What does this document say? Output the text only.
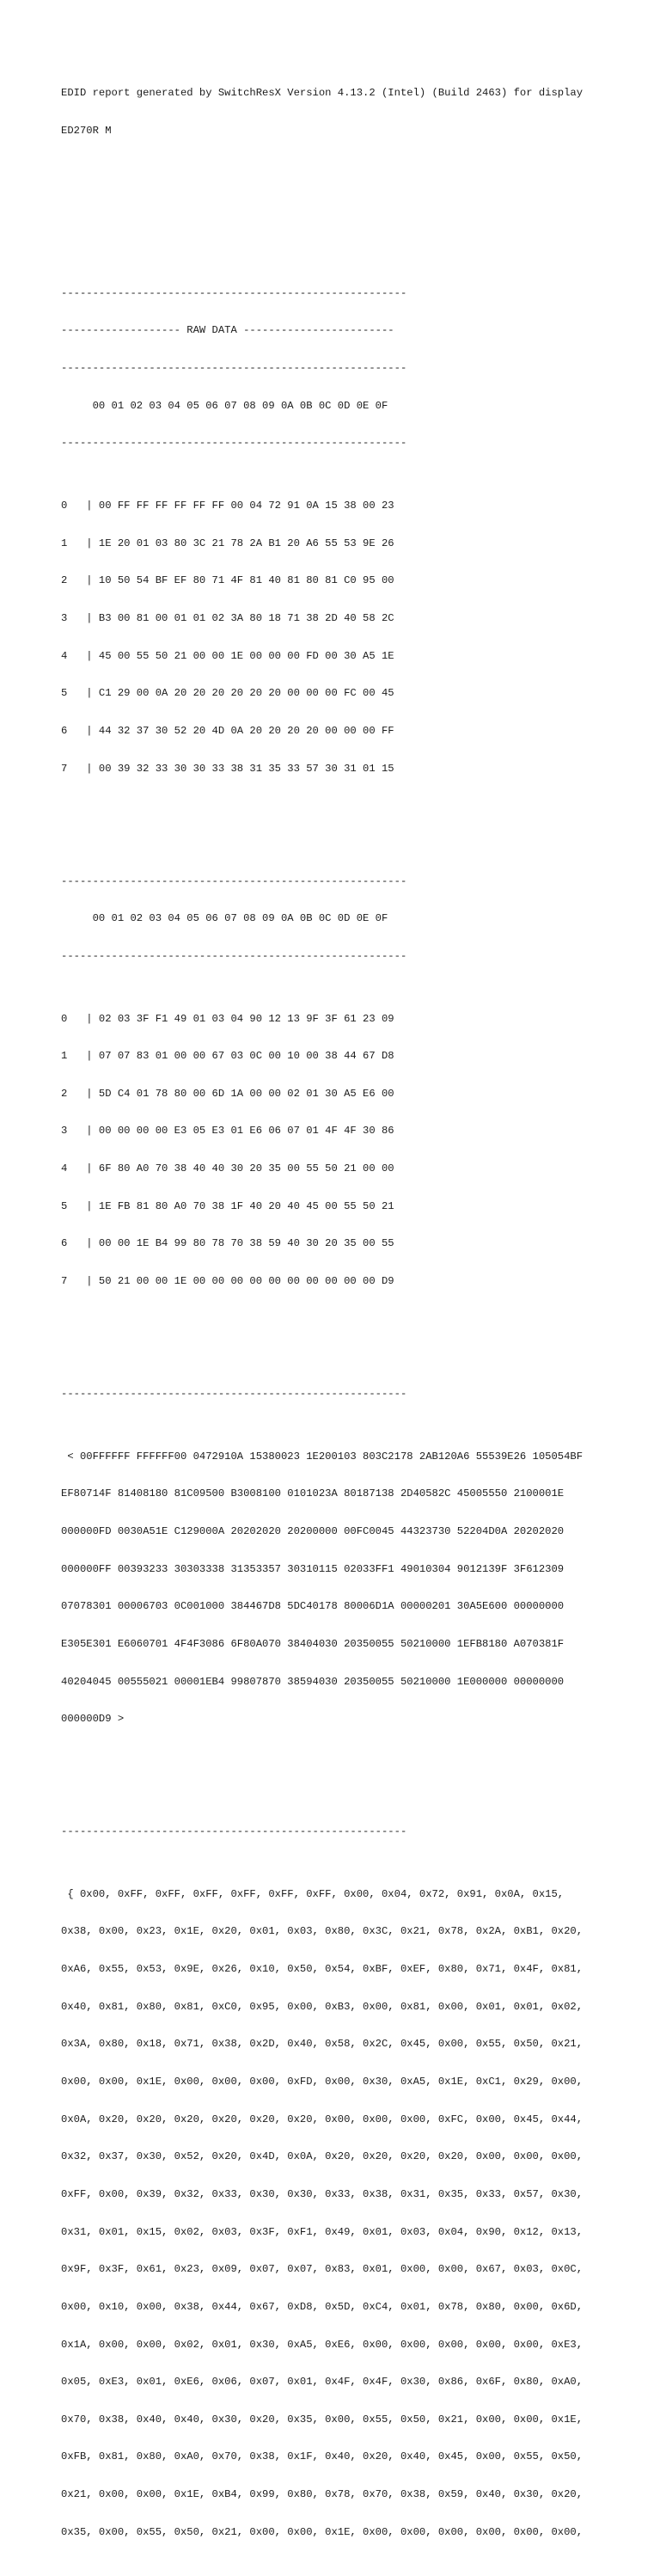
EDID report generated by SwitchResX Version 4.13.2 (Intel) (Build 2463) for display

ED270R M

-------------------------------------------------------

------------------- RAW DATA ------------------------

-------------------------------------------------------

00 01 02 03 04 05 06 07 08 09 0A 0B 0C 0D 0E 0F

-------------------------------------------------------

0   | 00 FF FF FF FF FF FF 00 04 72 91 0A 15 38 00 23

1   | 1E 20 01 03 80 3C 21 78 2A B1 20 A6 55 53 9E 26

2   | 10 50 54 BF EF 80 71 4F 81 40 81 80 81 C0 95 00

3   | B3 00 81 00 01 01 02 3A 80 18 71 38 2D 40 58 2C

4   | 45 00 55 50 21 00 00 1E 00 00 00 FD 00 30 A5 1E

5   | C1 29 00 0A 20 20 20 20 20 20 00 00 00 FC 00 45

6   | 44 32 37 30 52 20 4D 0A 20 20 20 20 00 00 00 FF

7   | 00 39 32 33 30 30 33 38 31 35 33 57 30 31 01 15

-------------------------------------------------------

00 01 02 03 04 05 06 07 08 09 0A 0B 0C 0D 0E 0F

-------------------------------------------------------

0   | 02 03 3F F1 49 01 03 04 90 12 13 9F 3F 61 23 09

1   | 07 07 83 01 00 00 67 03 0C 00 10 00 38 44 67 D8

2   | 5D C4 01 78 80 00 6D 1A 00 00 02 01 30 A5 E6 00

3   | 00 00 00 00 E3 05 E3 01 E6 06 07 01 4F 4F 30 86

4   | 6F 80 A0 70 38 40 40 30 20 35 00 55 50 21 00 00

5   | 1E FB 81 80 A0 70 38 1F 40 20 40 45 00 55 50 21

6   | 00 00 1E B4 99 80 78 70 38 59 40 30 20 35 00 55

7   | 50 21 00 00 1E 00 00 00 00 00 00 00 00 00 00 D9

-------------------------------------------------------

< 00FFFFFF FFFFFF00 0472910A 15380023 1E200103 803C2178 2AB120A6 55539E26 105054BF

EF80714F 81408180 81C09500 B3008100 0101023A 80187138 2D40582C 45005550 2100001E

000000FD 0030A51E C129000A 20202020 20200000 00FC0045 44323730 52204D0A 20202020

000000FF 00393233 30303338 31353357 30310115 02033FF1 49010304 9012139F 3F612309

07078301 00006703 0C001000 384467D8 5DC40178 80006D1A 00000201 30A5E600 00000000

E305E301 E6060701 4F4F3086 6F80A070 38404030 20350055 50210000 1EFB8180 A070381F

40204045 00555021 00001EB4 99807870 38594030 20350055 50210000 1E000000 00000000

000000D9 >

-------------------------------------------------------

{ 0x00, 0xFF, 0xFF, 0xFF, 0xFF, 0xFF, 0xFF, 0x00, 0x04, 0x72, 0x91, 0x0A, 0x15,

0x38, 0x00, 0x23, 0x1E, 0x20, 0x01, 0x03, 0x80, 0x3C, 0x21, 0x78, 0x2A, 0xB1, 0x20,

0xA6, 0x55, 0x53, 0x9E, 0x26, 0x10, 0x50, 0x54, 0xBF, 0xEF, 0x80, 0x71, 0x4F, 0x81,

0x40, 0x81, 0x80, 0x81, 0xC0, 0x95, 0x00, 0xB3, 0x00, 0x81, 0x00, 0x01, 0x01, 0x02,

0x3A, 0x80, 0x18, 0x71, 0x38, 0x2D, 0x40, 0x58, 0x2C, 0x45, 0x00, 0x55, 0x50, 0x21,

0x00, 0x00, 0x1E, 0x00, 0x00, 0x00, 0xFD, 0x00, 0x30, 0xA5, 0x1E, 0xC1, 0x29, 0x00,

0x0A, 0x20, 0x20, 0x20, 0x20, 0x20, 0x20, 0x00, 0x00, 0x00, 0xFC, 0x00, 0x45, 0x44,

0x32, 0x37, 0x30, 0x52, 0x20, 0x4D, 0x0A, 0x20, 0x20, 0x20, 0x20, 0x00, 0x00, 0x00,

0xFF, 0x00, 0x39, 0x32, 0x33, 0x30, 0x30, 0x33, 0x38, 0x31, 0x35, 0x33, 0x57, 0x30,

0x31, 0x01, 0x15, 0x02, 0x03, 0x3F, 0xF1, 0x49, 0x01, 0x03, 0x04, 0x90, 0x12, 0x13,

0x9F, 0x3F, 0x61, 0x23, 0x09, 0x07, 0x07, 0x83, 0x01, 0x00, 0x00, 0x67, 0x03, 0x0C,

0x00, 0x10, 0x00, 0x38, 0x44, 0x67, 0xD8, 0x5D, 0xC4, 0x01, 0x78, 0x80, 0x00, 0x6D,

0x1A, 0x00, 0x00, 0x02, 0x01, 0x30, 0xA5, 0xE6, 0x00, 0x00, 0x00, 0x00, 0x00, 0xE3,

0x05, 0xE3, 0x01, 0xE6, 0x06, 0x07, 0x01, 0x4F, 0x4F, 0x30, 0x86, 0x6F, 0x80, 0xA0,

0x70, 0x38, 0x40, 0x40, 0x30, 0x20, 0x35, 0x00, 0x55, 0x50, 0x21, 0x00, 0x00, 0x1E,

0xFB, 0x81, 0x80, 0xA0, 0x70, 0x38, 0x1F, 0x40, 0x20, 0x40, 0x45, 0x00, 0x55, 0x50,

0x21, 0x00, 0x00, 0x1E, 0xB4, 0x99, 0x80, 0x78, 0x70, 0x38, 0x59, 0x40, 0x30, 0x20,

0x35, 0x00, 0x55, 0x50, 0x21, 0x00, 0x00, 0x1E, 0x00, 0x00, 0x00, 0x00, 0x00, 0x00,
